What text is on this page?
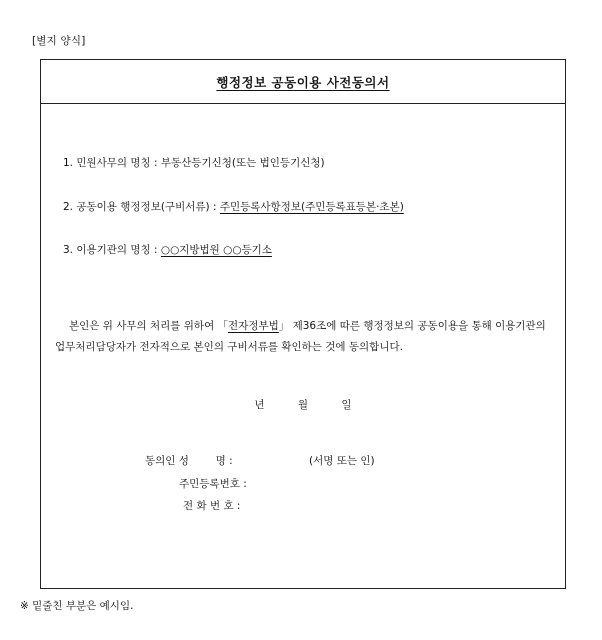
[별지 양식]
행정정보 공동이용 사전동의서
1. 민원사무의 명칭 : 부동산등기신청(또는 법인등기신청)
2. 공동이용 행정정보(구비서류) : 주민등록사항정보(주민등록표등본·초본)
3. 이용기관의 명칭 : ○○지방법원 ○○등기소
본인은 위 사무의 처리를 위하여 「전자정부법」 제36조에 따른 행정정보의 공동이용을 통해 이용기관의 업무처리담당자가 전자적으로 본인의 구비서류를 확인하는 것에 동의합니다.
년	월	일
동의인 성        명 :	(서명 또는 인)
주민등록번호 :
전 화 번 호 :
※ 밑줄친 부분은 예시임.
